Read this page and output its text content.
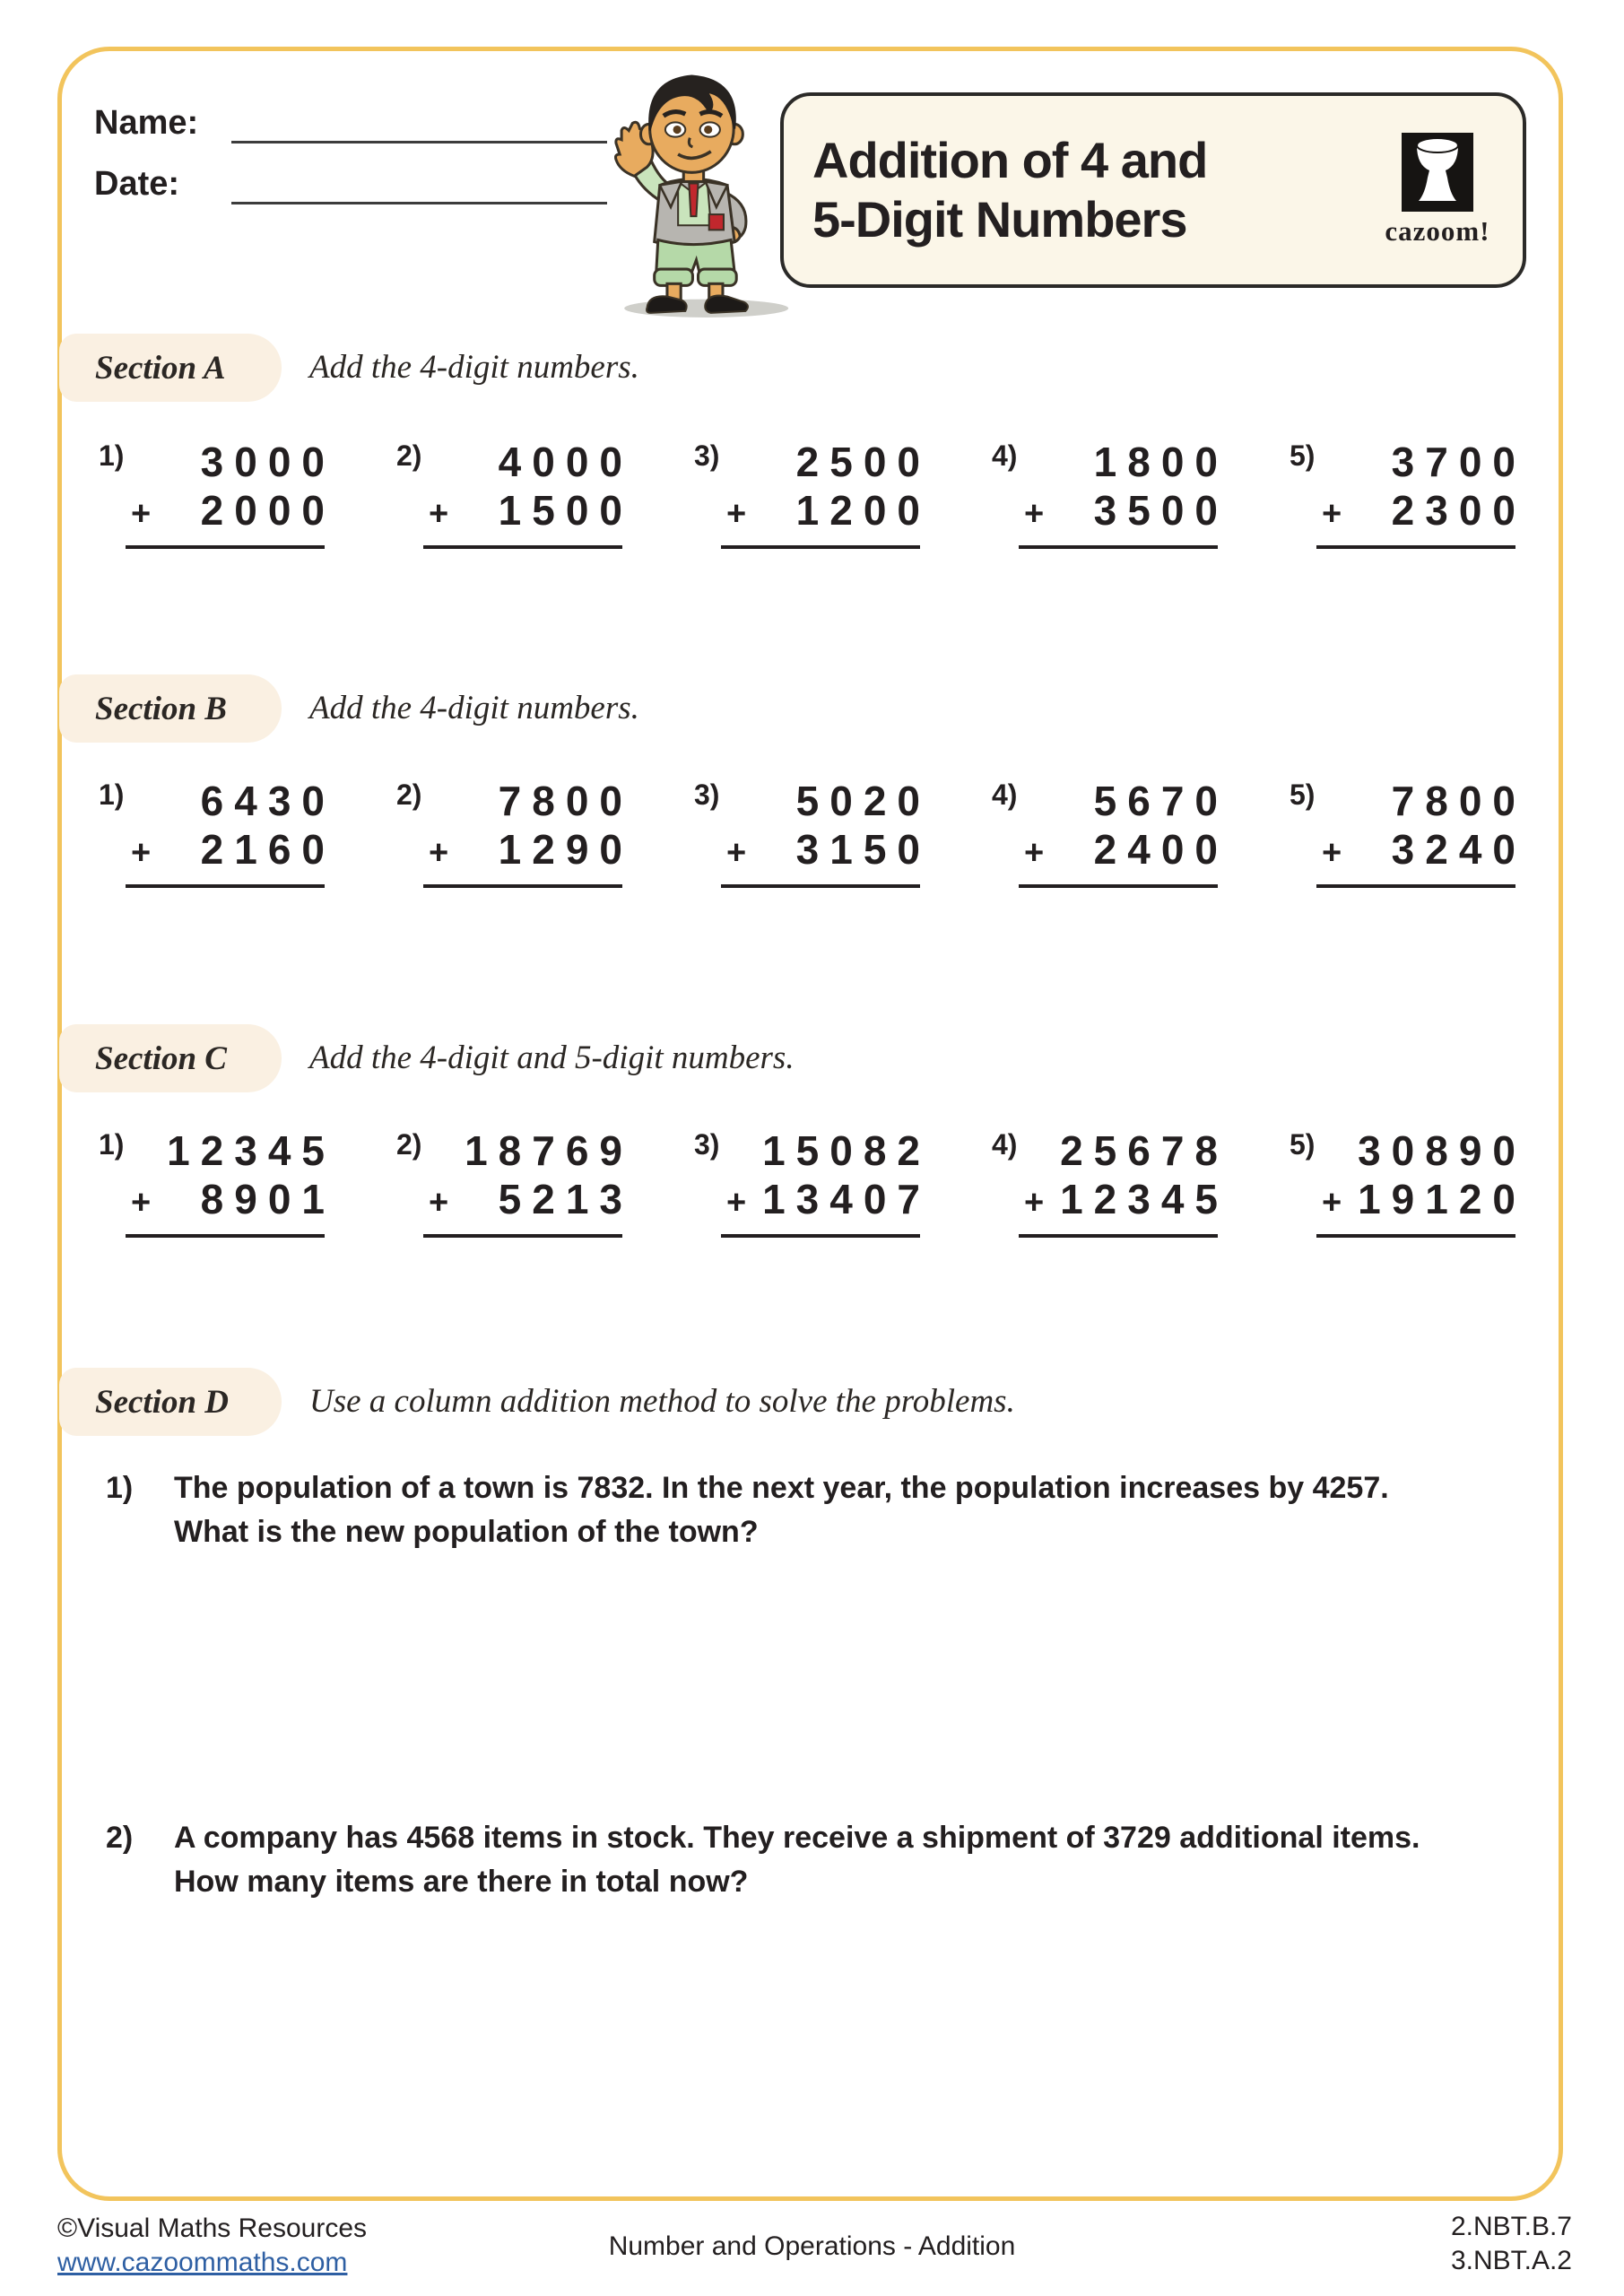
Name:
Date:	Addition of 4 and
5-Digit Numbers	cazoom!
Section A	Add the 4-digit numbers.
1)	3000
+ 2000
2)	4000
+ 1500
3)	2500
+ 1200
4)	1800
+ 3500
5)	3700
+ 2300
Section B Add the 4-digit numbers.
1)	6430
+ 2160
2)	7800
+ 1290
3)	5020
+ 3150
4)	5670
+ 2400
5)	7800
+ 3240
Section C Add the 4-digit and 5-digit numbers.
1)	12345
+ 8901
2)	18769
+ 5213
3)	15082
+ 13407
4)	25678
+ 12345
5)	30890
+ 19120
Section D Use a column addition method to solve the problems.
1)	The population of a town is 7832. In the next year, the population increases by 4257.
What is the new population of the town?
2)	A company has 4568 items in stock. They receive a shipment of 3729 additional items.
How many items are there in total now?
©Visual Maths Resources
www.cazoommaths.com
Number and Operations - Addition
2.NBT.B.7
3.NBT.A.2
